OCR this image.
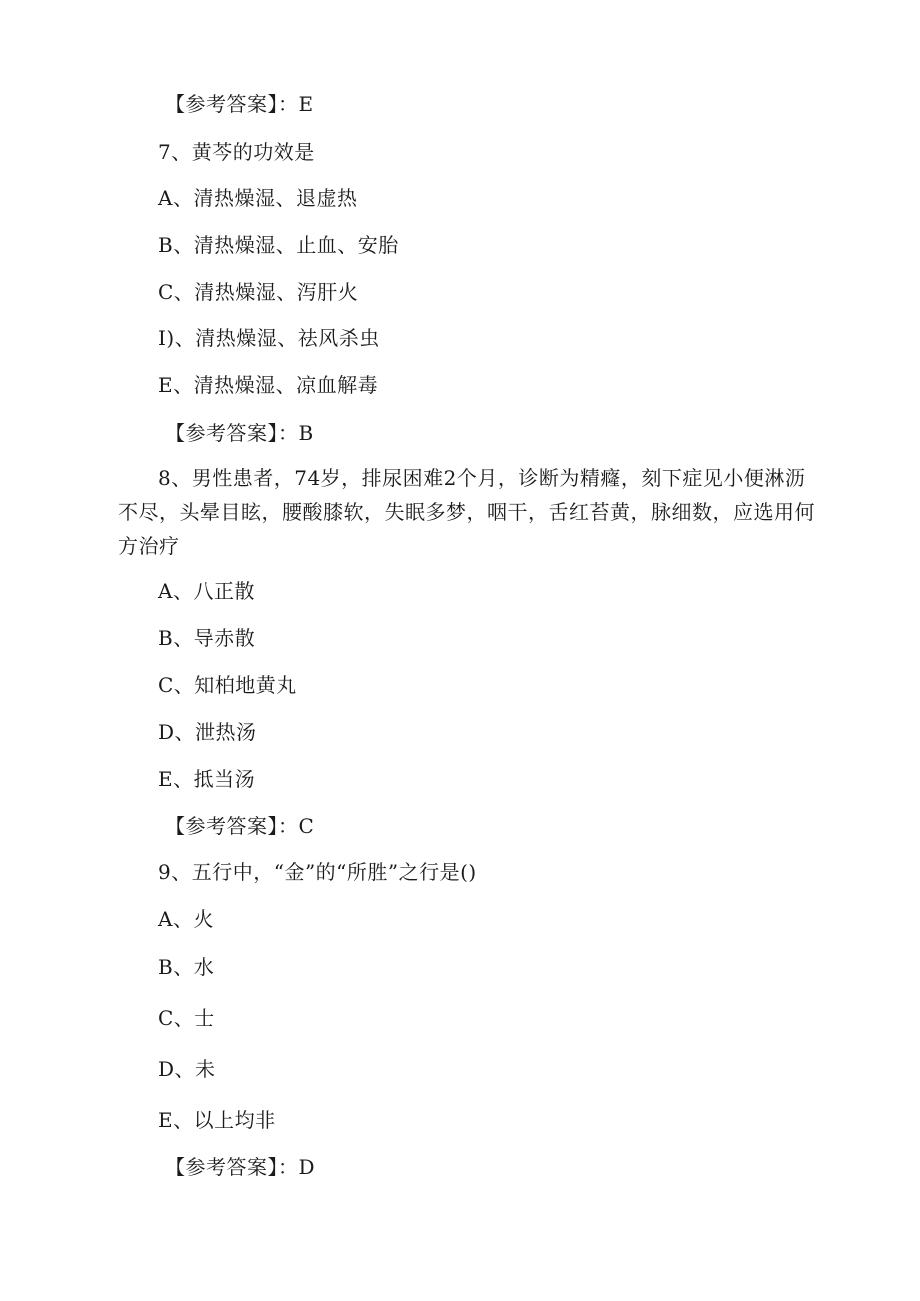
【参考答案】：E
7、黄芩的功效是
A、清热燥湿、退虚热
B、清热燥湿、止血、安胎
C、清热燥湿、泻肝火
I)、清热燥湿、祛风杀虫
E、清热燥湿、凉血解毒
【参考答案】：B
8、男性患者，74岁，排尿困难2个月，诊断为精癃，刻下症见小便淋沥不尽，头晕目眩，腰酸膝软，失眠多梦，咽干，舌红苔黄，脉细数，应选用何方治疗
A、八正散
B、导赤散
C、知柏地黄丸
D、泄热汤
E、抵当汤
【参考答案】：C
9、五行中，“金”的“所胜”之行是()
A、火
B、水
C、士
D、未
E、以上均非
【参考答案】：D
